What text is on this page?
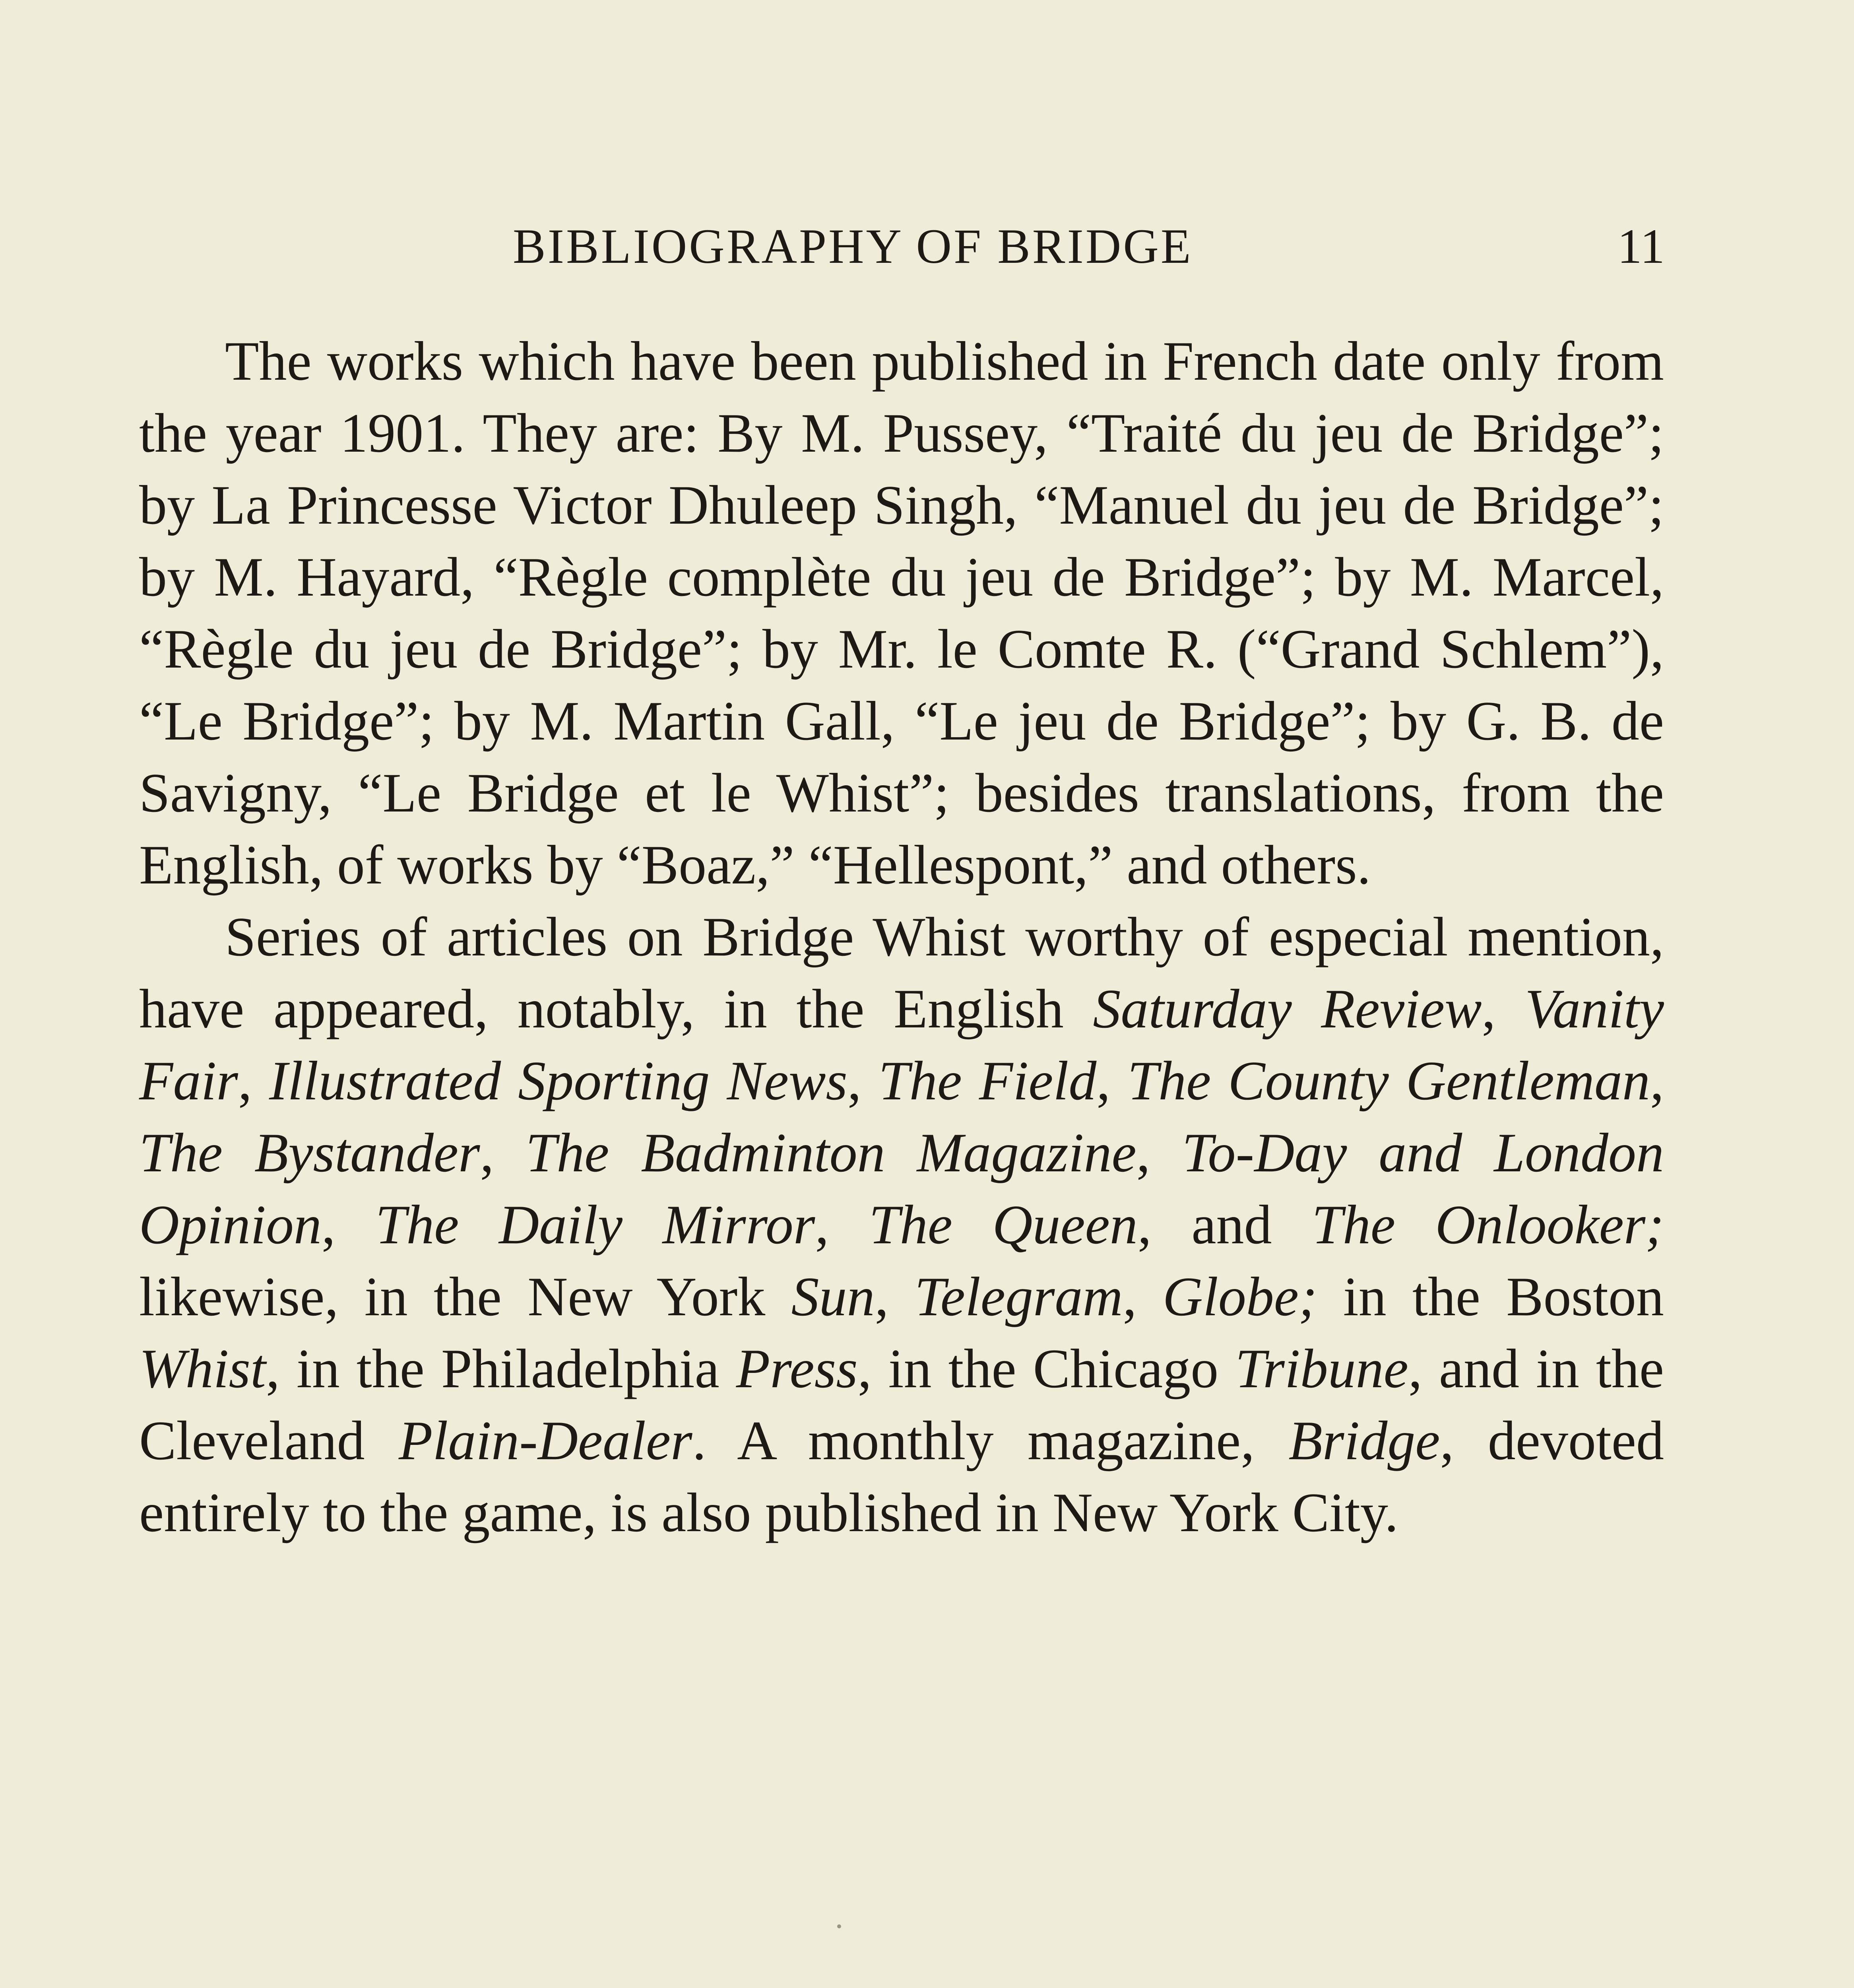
BIBLIOGRAPHY OF BRIDGE	11

The works which have been published in French date only from the year 1901. They are: By M. Pussey, “Traité du jeu de Bridge”; by La Princesse Victor Dhuleep Singh, “Manuel du jeu de Bridge”; by M. Hayard, “Règle complète du jeu de Bridge”; by M. Marcel, “Règle du jeu de Bridge”; by Mr. le Comte R. (“Grand Schlem”), “Le Bridge”; by M. Martin Gall, “Le jeu de Bridge”; by G. B. de Savigny, “Le Bridge et le Whist”; besides translations, from the English, of works by “Boaz,” “Hellespont,” and others.

Series of articles on Bridge Whist worthy of especial mention, have appeared, notably, in the English Saturday Review, Vanity Fair, Illustrated Sporting News, The Field, The County Gentleman, The Bystander, The Badminton Magazine, To-Day and London Opinion, The Daily Mirror, The Queen, and The Onlooker; likewise, in the New York Sun, Telegram, Globe; in the Boston Whist, in the Philadelphia Press, in the Chicago Tribune, and in the Cleveland Plain-Dealer. A monthly magazine, Bridge, devoted entirely to the game, is also published in New York City.
